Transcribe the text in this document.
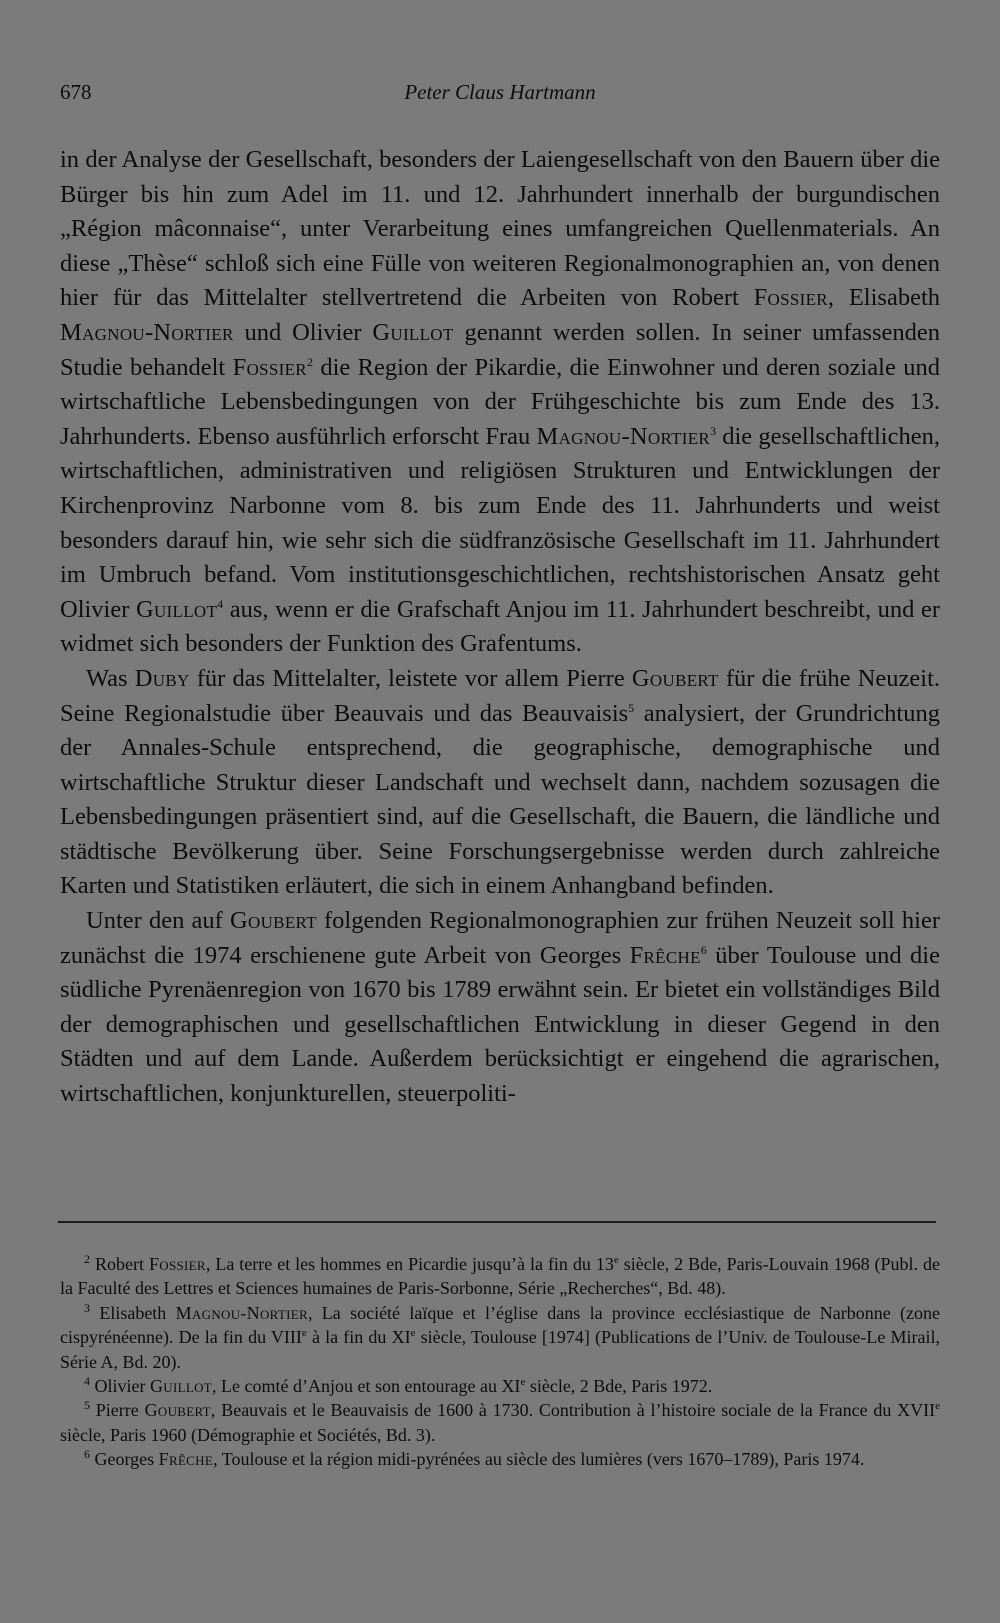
678	Peter Claus Hartmann

in der Analyse der Gesellschaft, besonders der Laiengesellschaft von den Bauern über die Bürger bis hin zum Adel im 11. und 12. Jahrhundert innerhalb der burgundischen „Région mâconnaise“, unter Verarbeitung eines umfangreichen Quellenmaterials. An diese „Thèse“ schloß sich eine Fülle von weiteren Regionalmonographien an, von denen hier für das Mittelalter stellvertretend die Arbeiten von Robert Fossier, Elisabeth Magnou-Nortier und Olivier Guillot genannt werden sollen. In seiner umfassenden Studie behandelt Fossier$^2$ die Region der Pikardie, die Einwohner und deren soziale und wirtschaftliche Lebensbedingungen von der Frühgeschichte bis zum Ende des 13. Jahrhunderts. Ebenso ausführlich erforscht Frau Magnou-Nortier$^3$ die gesellschaftlichen, wirtschaftlichen, administrativen und religiösen Strukturen und Entwicklungen der Kirchenprovinz Narbonne vom 8. bis zum Ende des 11. Jahrhunderts und weist besonders darauf hin, wie sehr sich die südfranzösische Gesellschaft im 11. Jahrhundert im Umbruch befand. Vom institutionsgeschichtlichen, rechtshistorischen Ansatz geht Olivier Guillot$^4$ aus, wenn er die Grafschaft Anjou im 11. Jahrhundert beschreibt, und er widmet sich besonders der Funktion des Grafentums.

Was Duby für das Mittelalter, leistete vor allem Pierre Goubert für die frühe Neuzeit. Seine Regionalstudie über Beauvais und das Beauvaisis$^5$ analysiert, der Grundrichtung der Annales-Schule entsprechend, die geographische, demographische und wirtschaftliche Struktur dieser Landschaft und wechselt dann, nachdem sozusagen die Lebensbedingungen präsentiert sind, auf die Gesellschaft, die Bauern, die ländliche und städtische Bevölkerung über. Seine Forschungsergebnisse werden durch zahlreiche Karten und Statistiken erläutert, die sich in einem Anhangband befinden.

Unter den auf Goubert folgenden Regionalmonographien zur frühen Neuzeit soll hier zunächst die 1974 erschienene gute Arbeit von Georges Frêche$^6$ über Toulouse und die südliche Pyrenäenregion von 1670 bis 1789 erwähnt sein. Er bietet ein vollständiges Bild der demographischen und gesellschaftlichen Entwicklung in dieser Gegend in den Städten und auf dem Lande. Außerdem berücksichtigt er eingehend die agrarischen, wirtschaftlichen, konjunkturellen, steuerpoliti-

$^2$ Robert Fossier, La terre et les hommes en Picardie jusqu’à la fin du 13e siècle, 2 Bde, Paris-Louvain 1968 (Publ. de la Faculté des Lettres et Sciences humaines de Paris-Sorbonne, Série „Recherches“, Bd. 48).

$^3$ Elisabeth Magnou-Nortier, La société laïque et l’église dans la province ecclésiastique de Narbonne (zone cispyrénéenne). De la fin du VIIIe à la fin du XIe siècle, Toulouse [1974] (Publications de l’Univ. de Toulouse-Le Mirail, Série A, Bd. 20).

$^4$ Olivier Guillot, Le comté d’Anjou et son entourage au XIe siècle, 2 Bde, Paris 1972.

$^5$ Pierre Goubert, Beauvais et le Beauvaisis de 1600 à 1730. Contribution à l’histoire sociale de la France du XVIIe siècle, Paris 1960 (Démographie et Sociétés, Bd. 3).

$^6$ Georges Frêche, Toulouse et la région midi-pyrénées au siècle des lumières (vers 1670–1789), Paris 1974.
